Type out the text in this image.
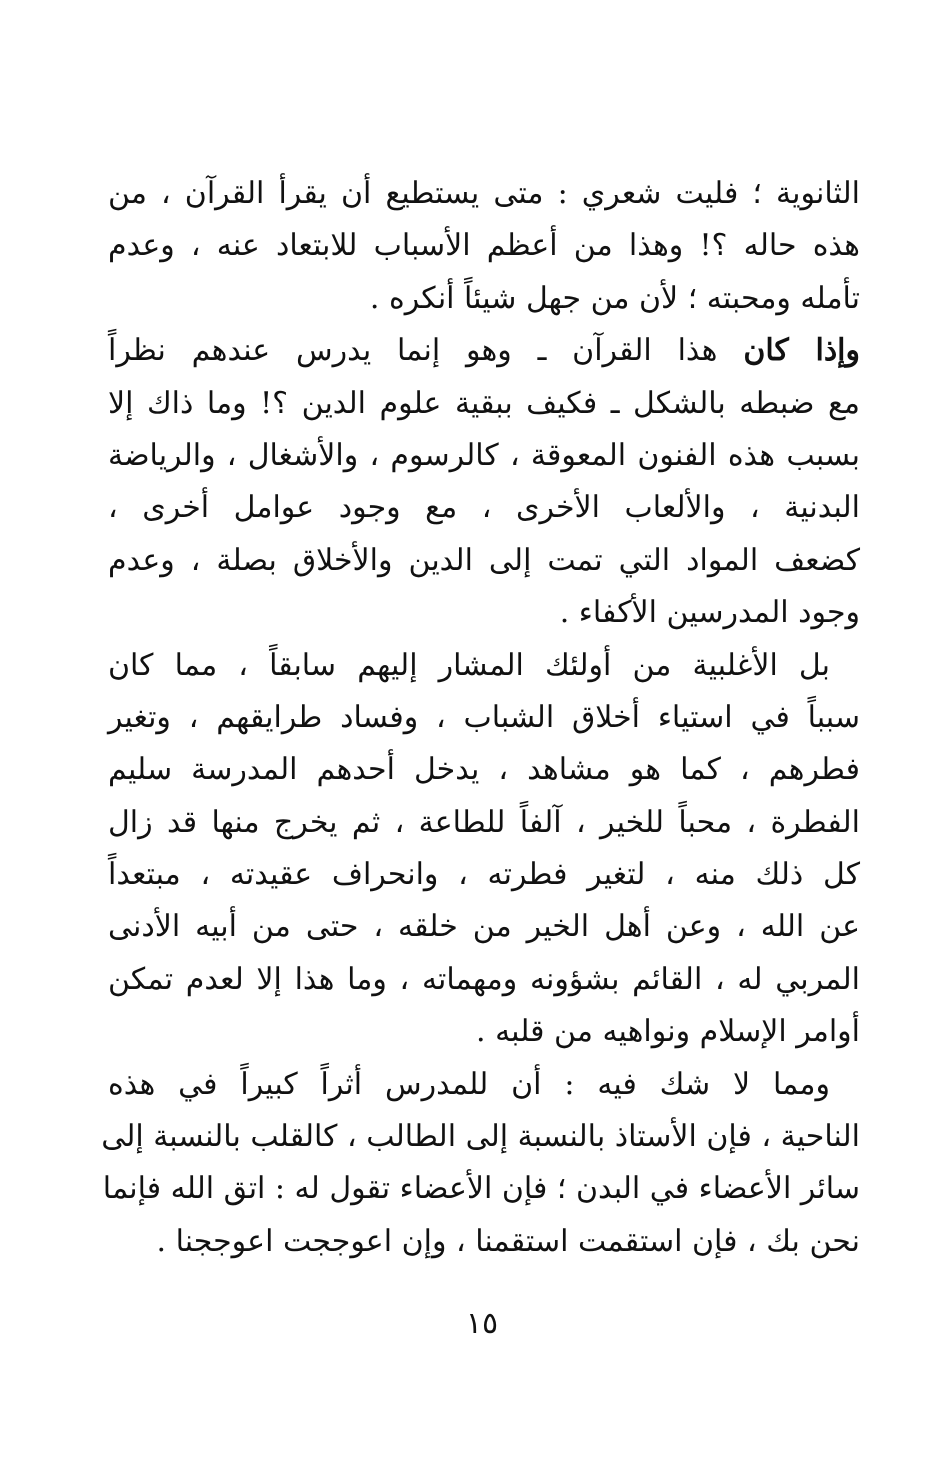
الثانوية ؛ فليت شعري : متى يستطيع أن يقرأ القرآن ، من
هذه حاله ؟! وهذا من أعظم الأسباب للابتعاد عنه ، وعدم
تأمله ومحبته ؛ لأن من جهل شيئاً أنكره .
وإذا كان هذا القرآن ـ وهو إنما يدرس عندهم نظراً
مع ضبطه بالشكل ـ فكيف ببقية علوم الدين ؟! وما ذاك إلا
بسبب هذه الفنون المعوقة ، كالرسوم ، والأشغال ، والرياضة
البدنية ، والألعاب الأخرى ، مع وجود عوامل أخرى ،
كضعف المواد التي تمت إلى الدين والأخلاق بصلة ، وعدم
وجود المدرسين الأكفاء .
بل الأغلبية من أولئك المشار إليهم سابقاً ، مما كان
سبباً في استياء أخلاق الشباب ، وفساد طرايقهم ، وتغير
فطرهم ، كما هو مشاهد ، يدخل أحدهم المدرسة سليم
الفطرة ، محباً للخير ، آلفاً للطاعة ، ثم يخرج منها قد زال
كل ذلك منه ، لتغير فطرته ، وانحراف عقيدته ، مبتعداً
عن الله ، وعن أهل الخير من خلقه ، حتى من أبيه الأدنى
المربي له ، القائم بشؤونه ومهماته ، وما هذا إلا لعدم تمكن
أوامر الإسلام ونواهيه من قلبه .
ومما لا شك فيه : أن للمدرس أثراً كبيراً في هذه
الناحية ، فإن الأستاذ بالنسبة إلى الطالب ، كالقلب بالنسبة إلى
سائر الأعضاء في البدن ؛ فإن الأعضاء تقول له : اتق الله فإنما
نحن بك ، فإن استقمت استقمنا ، وإن اعوججت اعوججنا .
١٥
